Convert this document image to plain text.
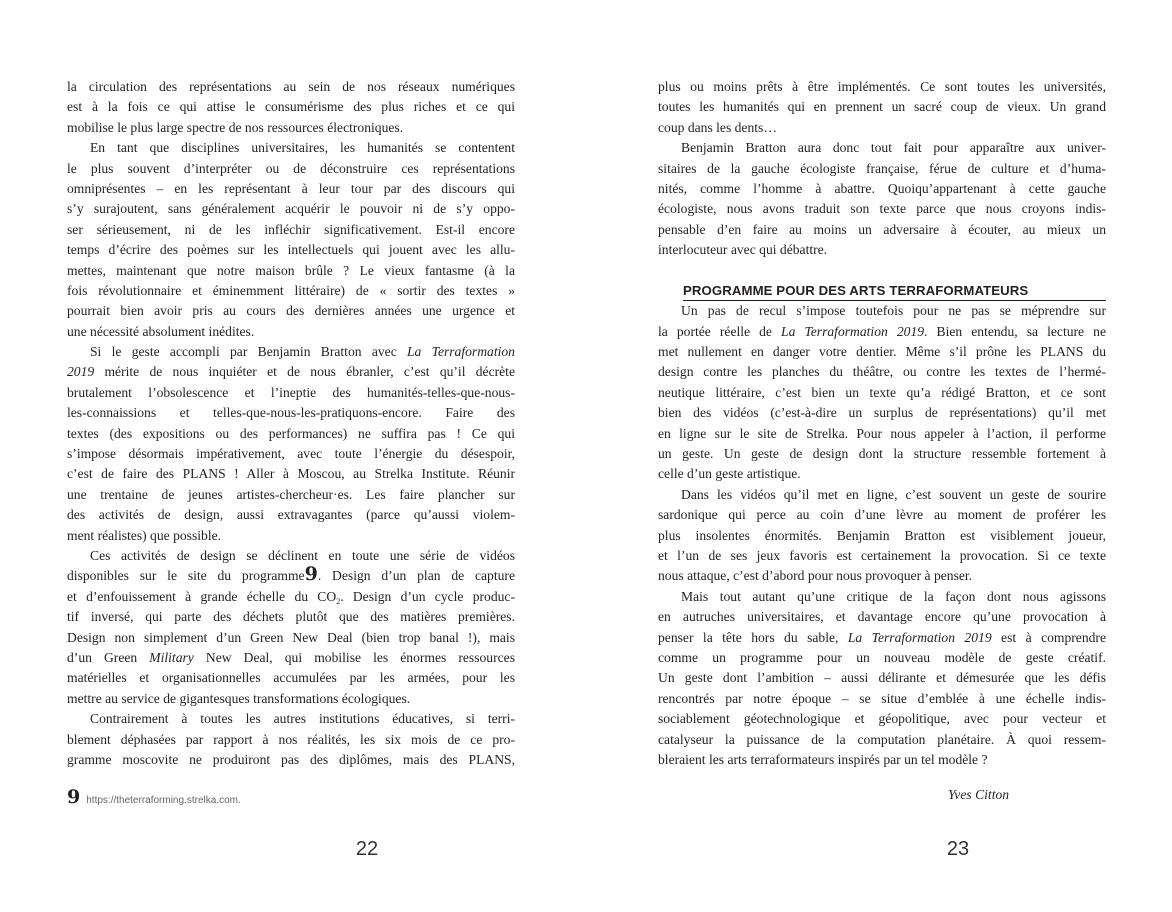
la circulation des représentations au sein de nos réseaux numériques
est à la fois ce qui attise le consumérisme des plus riches et ce qui
mobilise le plus large spectre de nos ressources électroniques.
En tant que disciplines universitaires, les humanités se contentent
le plus souvent d’interpréter ou de déconstruire ces représentations
omniprésentes – en les représentant à leur tour par des discours qui
s’y surajoutent, sans généralement acquérir le pouvoir ni de s’y oppo-
ser sérieusement, ni de les infléchir significativement. Est-il encore
temps d’écrire des poèmes sur les intellectuels qui jouent avec les allu-
mettes, maintenant que notre maison brûle ? Le vieux fantasme (à la
fois révolutionnaire et éminemment littéraire) de « sortir des textes »
pourrait bien avoir pris au cours des dernières années une urgence et
une nécessité absolument inédites.
Si le geste accompli par Benjamin Bratton avec La Terraformation
2019 mérite de nous inquiéter et de nous ébranler, c’est qu’il décrète
brutalement l’obsolescence et l’ineptie des humanités-telles-que-nous-
les-connaissions et telles-que-nous-les-pratiquons-encore. Faire des
textes (des expositions ou des performances) ne suffira pas ! Ce qui
s’impose désormais impérativement, avec toute l’énergie du désespoir,
c’est de faire des PLANS ! Aller à Moscou, au Strelka Institute. Réunir
une trentaine de jeunes artistes-chercheur·es. Les faire plancher sur
des activités de design, aussi extravagantes (parce qu’aussi violem-
ment réalistes) que possible.
Ces activités de design se déclinent en toute une série de vidéos
disponibles sur le site du programme9. Design d’un plan de capture
et d’enfouissement à grande échelle du $CO_2$. Design d’un cycle produc-
tif inversé, qui parte des déchets plutôt que des matières premières.
Design non simplement d’un Green New Deal (bien trop banal !), mais
d’un Green Military New Deal, qui mobilise les énormes ressources
matérielles et organisationnelles accumulées par les armées, pour les
mettre au service de gigantesques transformations écologiques.
Contrairement à toutes les autres institutions éducatives, si terri-
blement déphasées par rapport à nos réalités, les six mois de ce pro-
gramme moscovite ne produiront pas des diplômes, mais des PLANS,
9 https://theterraforming.strelka.com.
22
plus ou moins prêts à être implémentés. Ce sont toutes les universités,
toutes les humanités qui en prennent un sacré coup de vieux. Un grand
coup dans les dents…
Benjamin Bratton aura donc tout fait pour apparaître aux univer-
sitaires de la gauche écologiste française, férue de culture et d’huma-
nités, comme l’homme à abattre. Quoiqu’appartenant à cette gauche
écologiste, nous avons traduit son texte parce que nous croyons indis-
pensable d’en faire au moins un adversaire à écouter, au mieux un
interlocuteur avec qui débattre.
PROGRAMME POUR DES ARTS TERRAFORMATEURS
Un pas de recul s’impose toutefois pour ne pas se méprendre sur
la portée réelle de La Terraformation 2019. Bien entendu, sa lecture ne
met nullement en danger votre dentier. Même s’il prône les PLANS du
design contre les planches du théâtre, ou contre les textes de l’hermé-
neutique littéraire, c’est bien un texte qu’a rédigé Bratton, et ce sont
bien des vidéos (c’est-à-dire un surplus de représentations) qu’il met
en ligne sur le site de Strelka. Pour nous appeler à l’action, il performe
un geste. Un geste de design dont la structure ressemble fortement à
celle d’un geste artistique.
Dans les vidéos qu’il met en ligne, c’est souvent un geste de sourire
sardonique qui perce au coin d’une lèvre au moment de proférer les
plus insolentes énormités. Benjamin Bratton est visiblement joueur,
et l’un de ses jeux favoris est certainement la provocation. Si ce texte
nous attaque, c’est d’abord pour nous provoquer à penser.
Mais tout autant qu’une critique de la façon dont nous agissons
en autruches universitaires, et davantage encore qu’une provocation à
penser la tête hors du sable, La Terraformation 2019 est à comprendre
comme un programme pour un nouveau modèle de geste créatif.
Un geste dont l’ambition – aussi délirante et démesurée que les défis
rencontrés par notre époque – se situe d’emblée à une échelle indis-
sociablement géotechnologique et géopolitique, avec pour vecteur et
catalyseur la puissance de la computation planétaire. À quoi ressem-
bleraient les arts terraformateurs inspirés par un tel modèle ?
Yves Citton
23
